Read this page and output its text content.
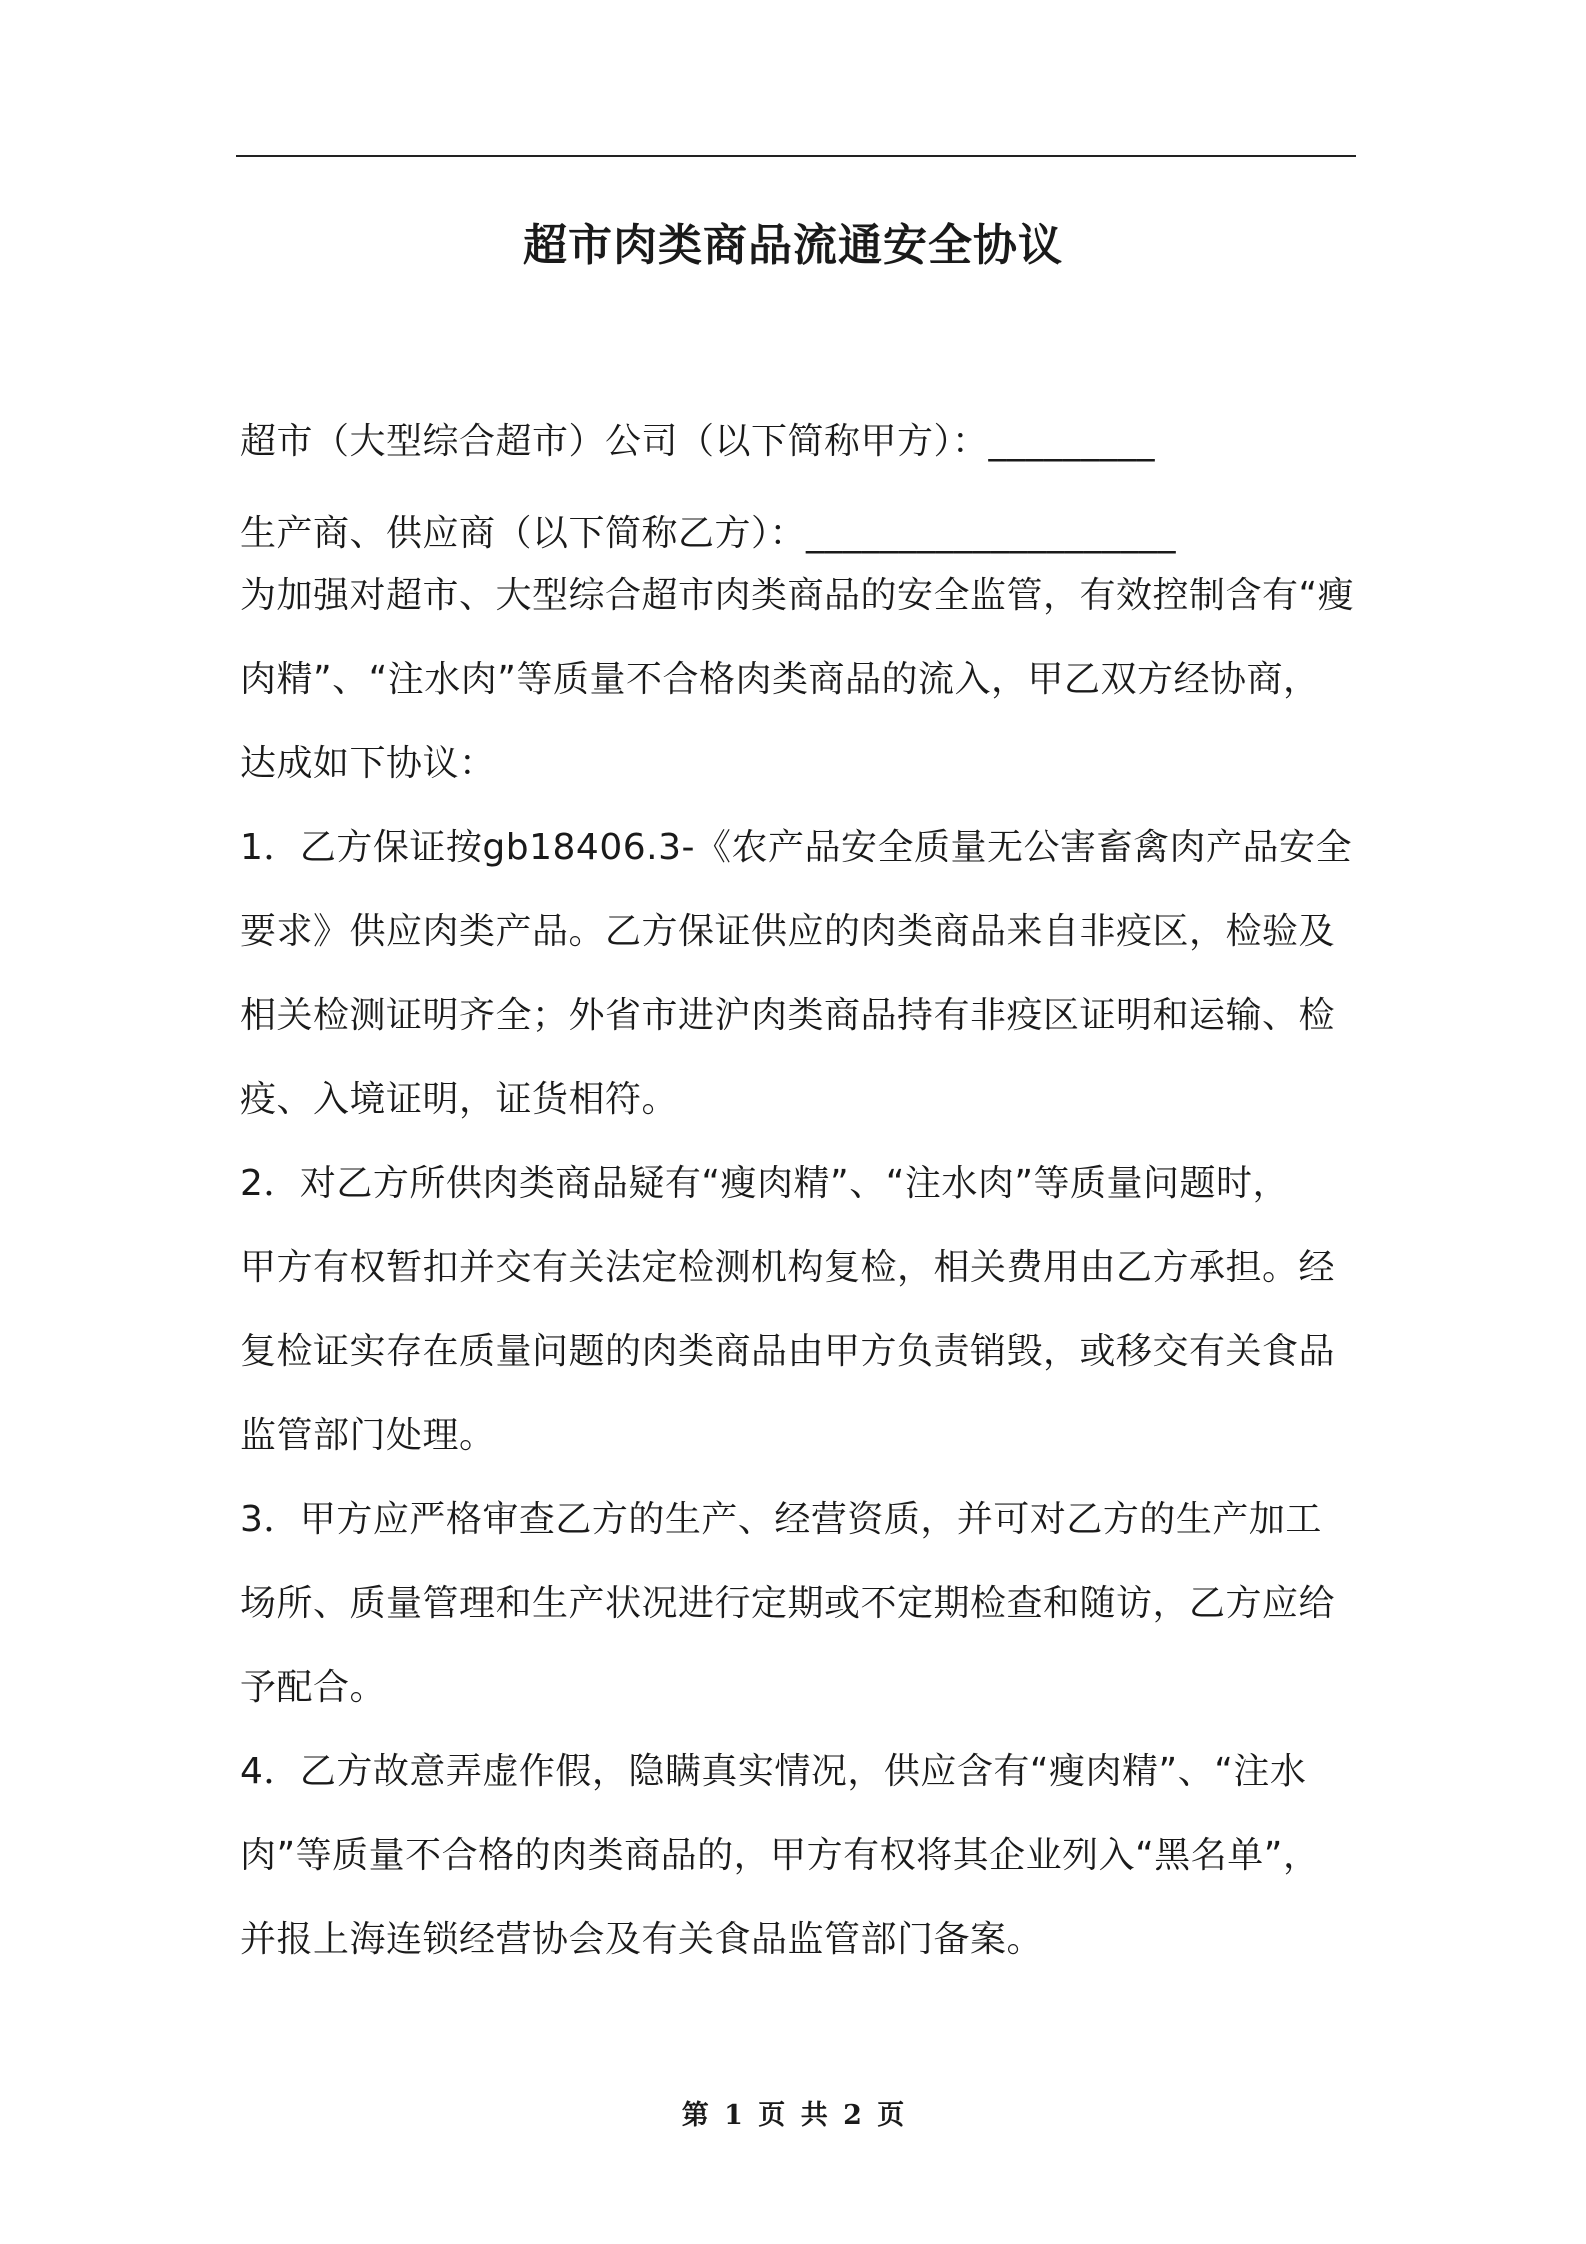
超市肉类商品流通安全协议
超市（大型综合超市）公司（以下简称甲方）：_________
生产商、供应商（以下简称乙方）：____________________
为加强对超市、大型综合超市肉类商品的安全监管，有效控制含有“瘦
肉精”、“注水肉”等质量不合格肉类商品的流入，甲乙双方经协商，
达成如下协议：
1．乙方保证按gb18406.3-《农产品安全质量无公害畜禽肉产品安全
要求》供应肉类产品。乙方保证供应的肉类商品来自非疫区，检验及
相关检测证明齐全；外省市进沪肉类商品持有非疫区证明和运输、检
疫、入境证明，证货相符。
2．对乙方所供肉类商品疑有“瘦肉精”、“注水肉”等质量问题时，
甲方有权暂扣并交有关法定检测机构复检，相关费用由乙方承担。经
复检证实存在质量问题的肉类商品由甲方负责销毁，或移交有关食品
监管部门处理。
3．甲方应严格审查乙方的生产、经营资质，并可对乙方的生产加工
场所、质量管理和生产状况进行定期或不定期检查和随访，乙方应给
予配合。
4．乙方故意弄虚作假，隐瞒真实情况，供应含有“瘦肉精”、“注水
肉”等质量不合格的肉类商品的，甲方有权将其企业列入“黑名单”，
并报上海连锁经营协会及有关食品监管部门备案。
第 1 页 共 2 页
